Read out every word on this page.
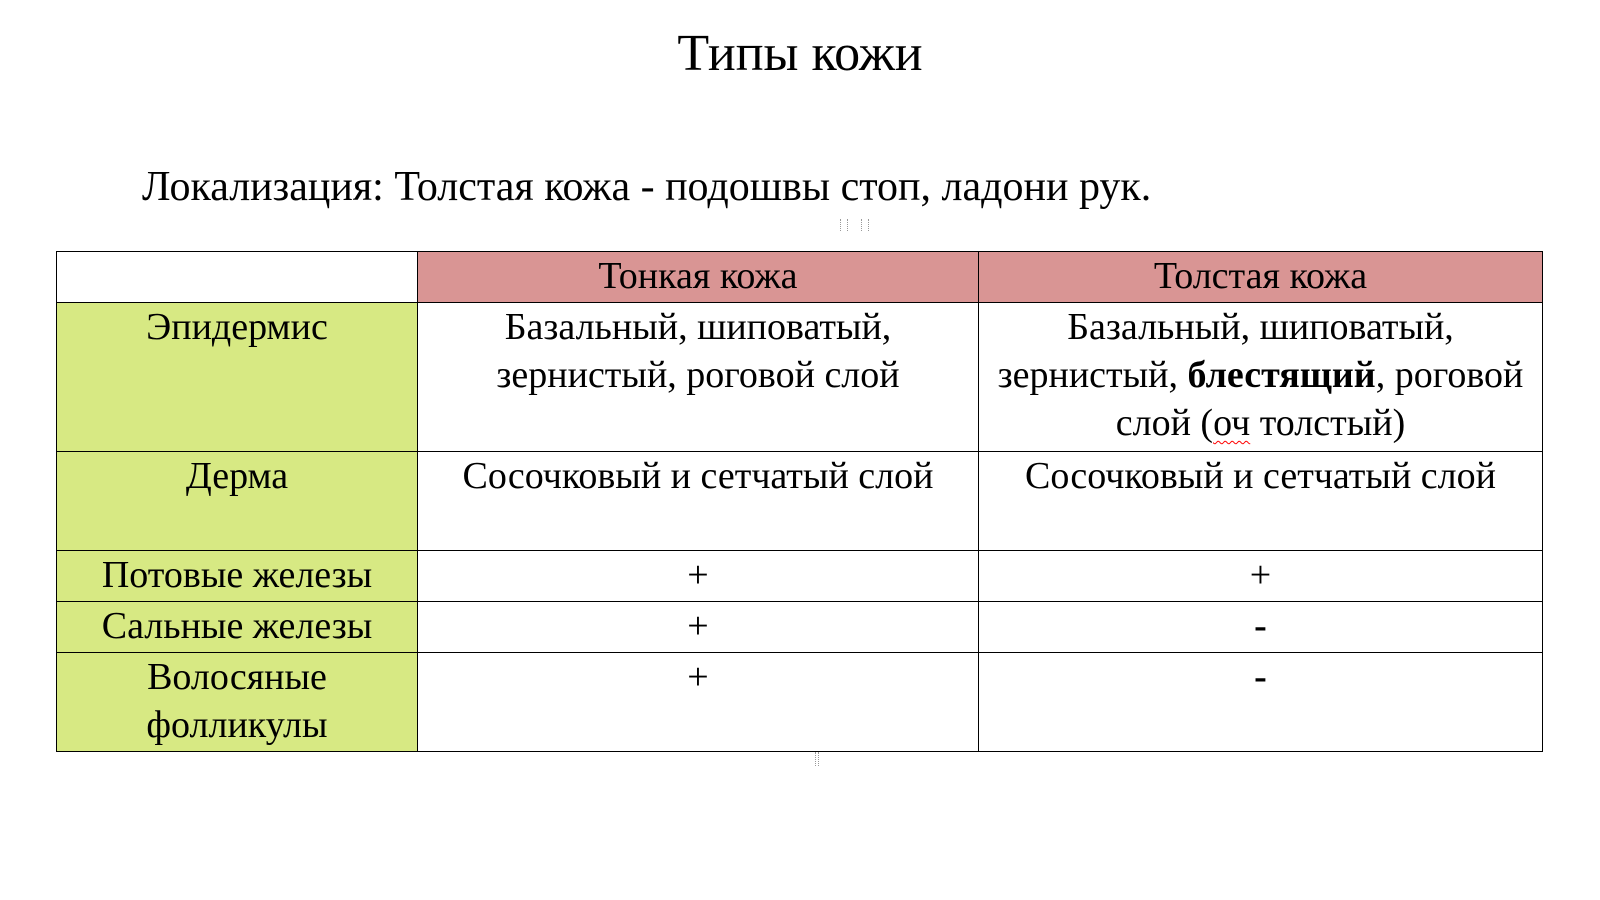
Типы кожи
Локализация: Толстая кожа - подошвы стоп, ладони рук.
	Тонкая кожа	Толстая кожа
Эпидермис	Базальный, шиповатый, зернистый, роговой слой	Базальный, шиповатый, зернистый, блестящий, роговой слой (оч толстый)
Дерма	Сосочковый и сетчатый слой	Сосочковый и сетчатый слой
Потовые железы	+	+
Сальные железы	+	-
Волосяные фолликулы	+	-
